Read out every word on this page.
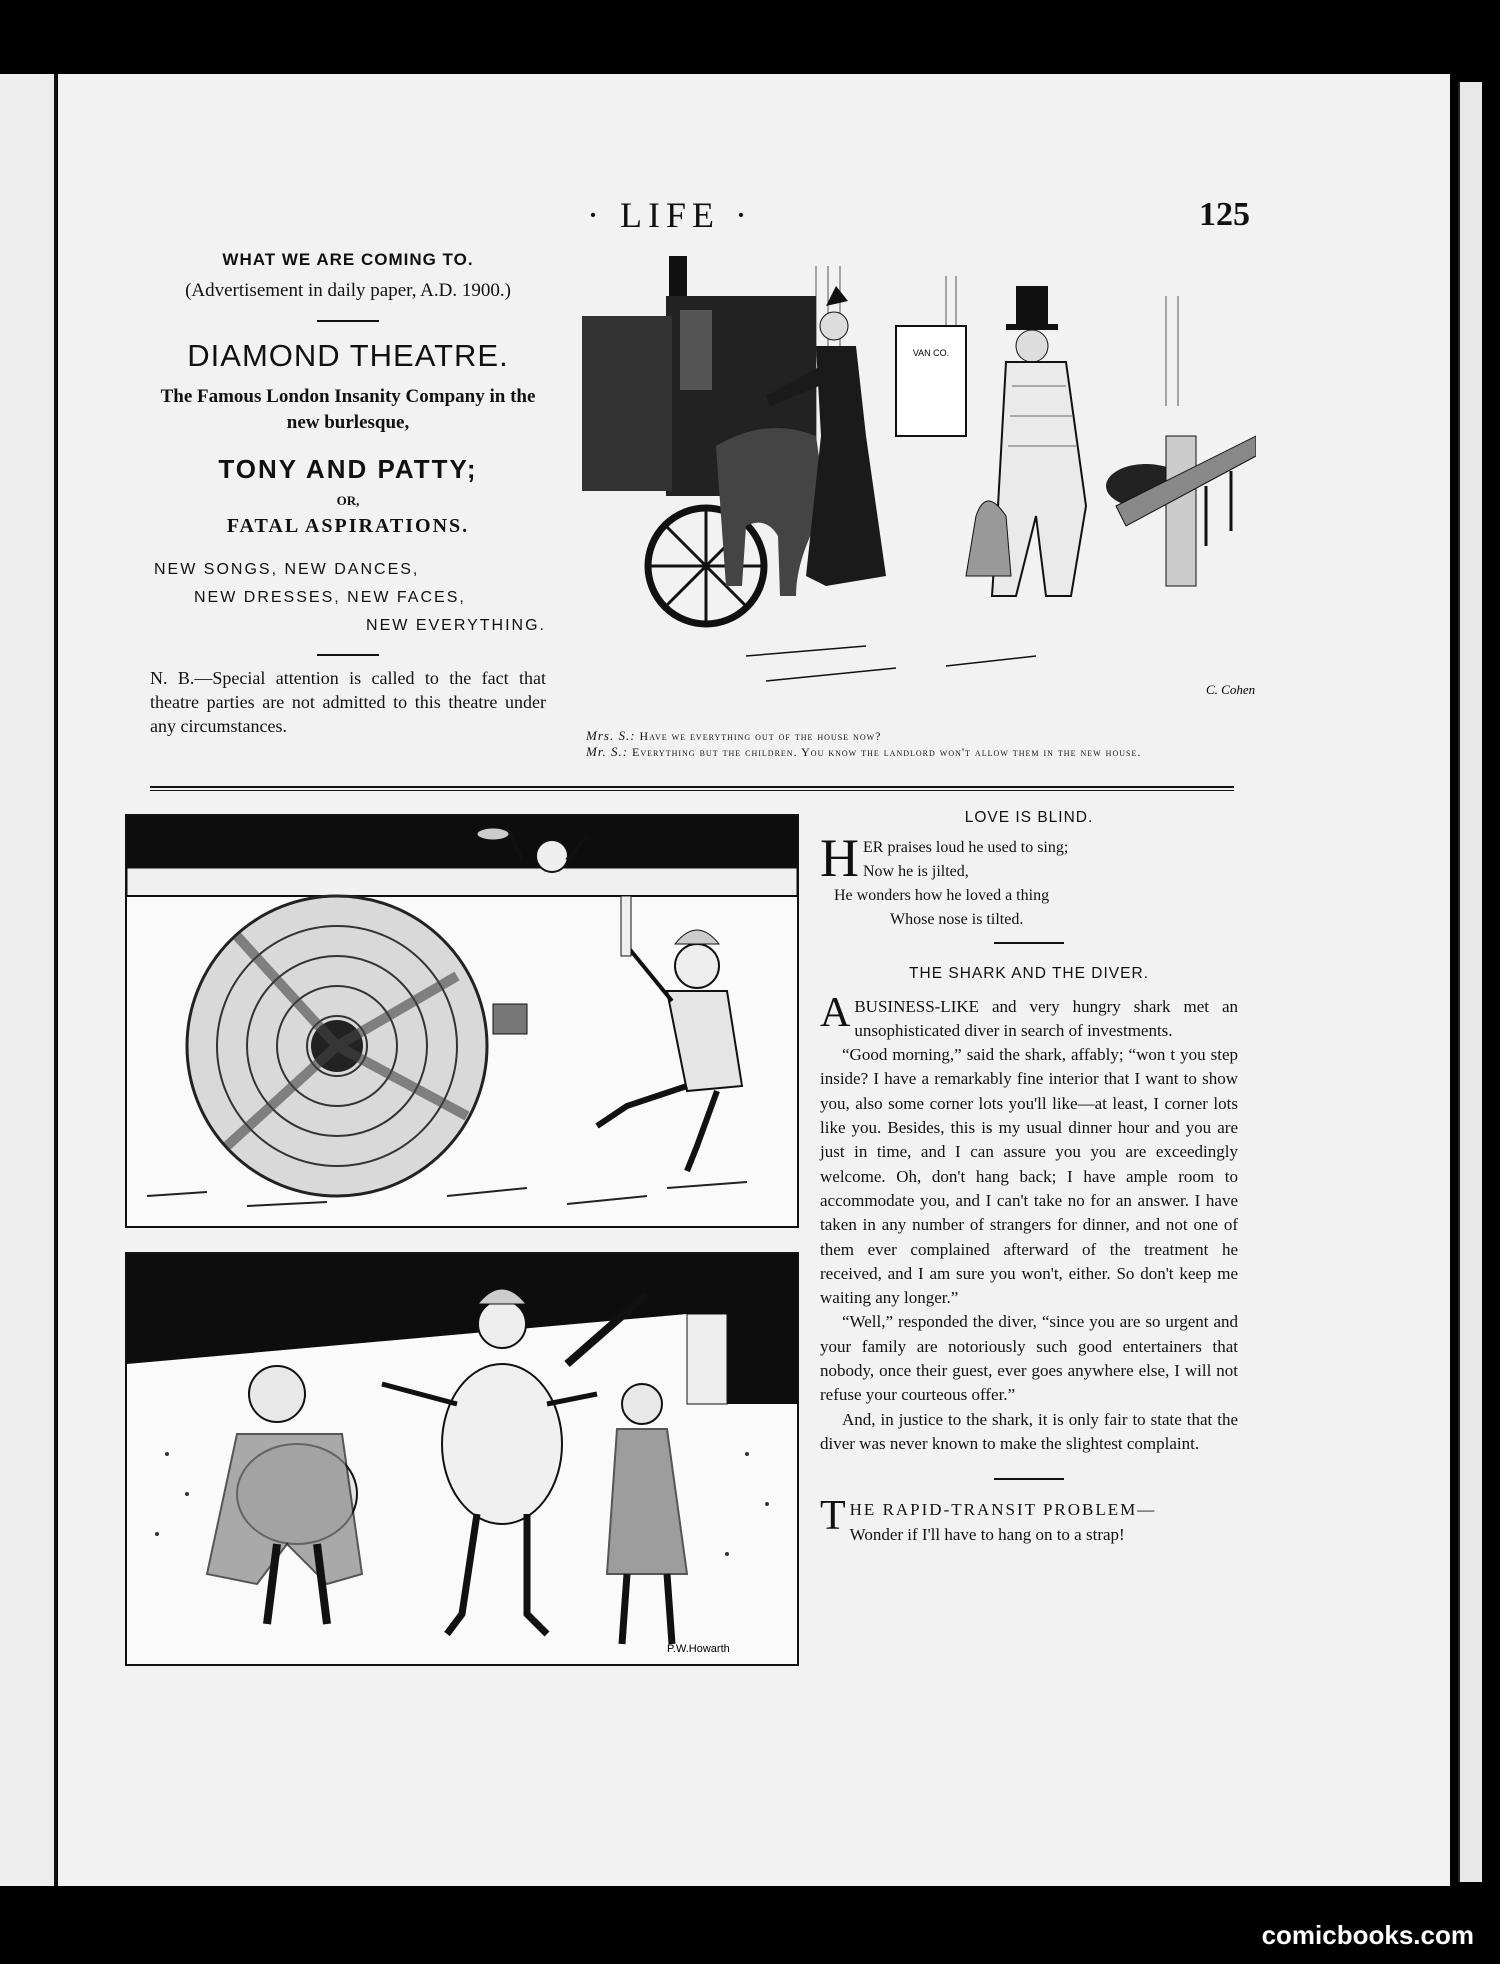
· LIFE ·	125
WHAT WE ARE COMING TO.
(Advertisement in daily paper, A.D. 1900.)
DIAMOND THEATRE.
The Famous London Insanity Company in the new burlesque,
TONY AND PATTY;
OR,
FATAL ASPIRATIONS.
NEW SONGS, NEW DANCES,
NEW DRESSES, NEW FACES,
NEW EVERYTHING.
N. B.—Special attention is called to the fact that theatre parties are not admitted to this theatre under any circumstances.
VAN CO.
C. Cohen
Mrs. S.: Have we everything out of the house now?
Mr. S.: Everything but the children. You know the landlord won't allow them in the new house.
P.W.Howarth
LOVE IS BLIND.
H ER praises loud he used to sing;
Now he is jilted,
He wonders how he loved a thing
Whose nose is tilted.
THE SHARK AND THE DIVER.

ABUSINESS-LIKE and very hungry shark met an unsophisticated diver in search of investments.

“Good morning,” said the shark, affably; “won t you step inside? I have a remarkably fine interior that I want to show you, also some corner lots you'll like—at least, I corner lots like you. Besides, this is my usual dinner hour and you are just in time, and I can assure you you are exceedingly welcome. Oh, don't hang back; I have ample room to accommodate you, and I can't take no for an answer. I have taken in any number of strangers for dinner, and not one of them ever complained afterward of the treatment he received, and I am sure you won't, either. So don't keep me waiting any longer.”

“Well,” responded the diver, “since you are so urgent and your family are notoriously such good entertainers that nobody, once their guest, ever goes anywhere else, I will not refuse your courteous offer.”

And, in justice to the shark, it is only fair to state that the diver was never known to make the slightest complaint.

T HE RAPID-TRANSIT PROBLEM—
Wonder if I'll have to hang on to a strap!
comicbooks.com
